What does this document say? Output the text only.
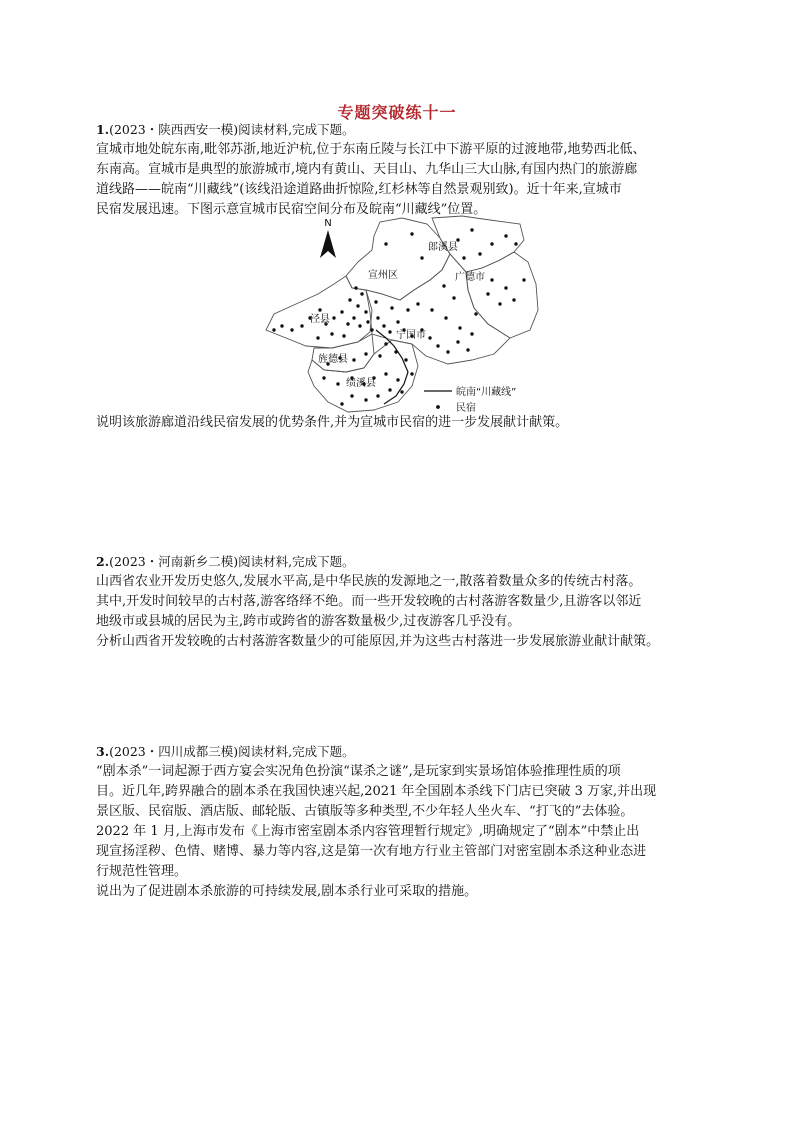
专题突破练十一

1.(2023・陕西西安一模)阅读材料,完成下题。

宣城市地处皖东南,毗邻苏浙,地近沪杭,位于东南丘陵与长江中下游平原的过渡地带,地势西北低、

东南高。宣城市是典型的旅游城市,境内有黄山、天目山、九华山三大山脉,有国内热门的旅游廊

道线路——皖南“川藏线”(该线沿途道路曲折惊险,红杉林等自然景观别致)。近十年来,宣城市

民宿发展迅速。下图示意宣城市民宿空间分布及皖南“川藏线”位置。

N
郎溪县
宣州区	广德市
泾县
宁国市
旌德县
绩溪县
皖南“川藏线”
民宿

说明该旅游廊道沿线民宿发展的优势条件,并为宣城市民宿的进一步发展献计献策。

2.(2023・河南新乡二模)阅读材料,完成下题。

山西省农业开发历史悠久,发展水平高,是中华民族的发源地之一,散落着数量众多的传统古村落。

其中,开发时间较早的古村落,游客络绎不绝。而一些开发较晚的古村落游客数量少,且游客以邻近

地级市或县城的居民为主,跨市或跨省的游客数量极少,过夜游客几乎没有。

分析山西省开发较晚的古村落游客数量少的可能原因,并为这些古村落进一步发展旅游业献计献策。

3.(2023・四川成都三模)阅读材料,完成下题。

“剧本杀”一词起源于西方宴会实况角色扮演“谋杀之谜”,是玩家到实景场馆体验推理性质的项

目。近几年,跨界融合的剧本杀在我国快速兴起,2021 年全国剧本杀线下门店已突破 3 万家,并出现

景区版、民宿版、酒店版、邮轮版、古镇版等多种类型,不少年轻人坐火车、“打飞的”去体验。

2022 年 1 月,上海市发布《上海市密室剧本杀内容管理暂行规定》,明确规定了“剧本”中禁止出

现宣扬淫秽、色情、赌博、暴力等内容,这是第一次有地方行业主管部门对密室剧本杀这种业态进

行规范性管理。

说出为了促进剧本杀旅游的可持续发展,剧本杀行业可采取的措施。
